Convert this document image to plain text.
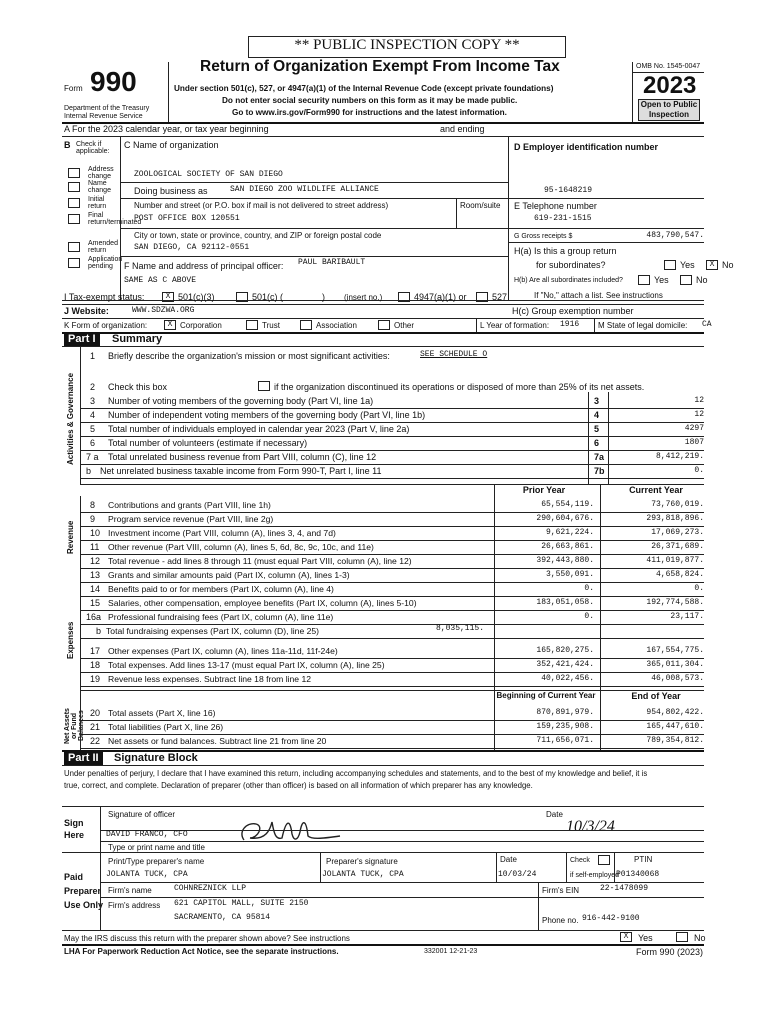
** PUBLIC INSPECTION COPY **
Form 990
Department of the Treasury
Internal Revenue Service
Return of Organization Exempt From Income Tax
Under section 501(c), 527, or 4947(a)(1) of the Internal Revenue Code (except private foundations)
Do not enter social security numbers on this form as it may be made public.
Go to www.irs.gov/Form990 for instructions and the latest information.
OMB No. 1545-0047
2023
Open to Public
Inspection
A For the 2023 calendar year, or tax year beginning	and ending
B Check if applicable:
Address change
Name change
Initial return
Final return/terminated
Amended return
Application pending
C Name of organization
ZOOLOGICAL SOCIETY OF SAN DIEGO
Doing business as	SAN DIEGO ZOO WILDLIFE ALLIANCE
Number and street (or P.O. box if mail is not delivered to street address)	Room/suite
POST OFFICE BOX 120551
City or town, state or province, country, and ZIP or foreign postal code
SAN DIEGO, CA 92112-0551
F Name and address of principal officer: PAUL BARIBAULT
SAME AS C ABOVE
D Employer identification number
95-1648219
E Telephone number
619-231-1515
G Gross receipts $	483,790,547.
H(a) Is this a group return
for subordinates?	Yes	X No
H(b) Are all subordinates included?	Yes	No
If "No," attach a list. See instructions
I Tax-exempt status:	X 501(c)(3)	501(c) (	) (insert no.)	4947(a)(1) or	527
J Website:	WWW.SDZWA.ORG	H(c) Group exemption number
K Form of organization:	X Corporation	Trust	Association	Other	L Year of formation: 1916 M State of legal domicile: CA
Part I	Summary
Activities & Governance
1 Briefly describe the organization's mission or most significant activities:	SEE SCHEDULE O
2 Check this box	if the organization discontinued its operations or disposed of more than 25% of its net assets.
3 Number of voting members of the governing body (Part VI, line 1a)	3	12
4 Number of independent voting members of the governing body (Part VI, line 1b)	4	12
5 Total number of individuals employed in calendar year 2023 (Part V, line 2a)	5	4297
6 Total number of volunteers (estimate if necessary)	6	1807
7 a Total unrelated business revenue from Part VIII, column (C), line 12	7a	8,412,219.
b Net unrelated business taxable income from Form 990-T, Part I, line 11	7b	0.
8 Contributions and grants (Part VIII, line 1h)	65,554,119.	73,760,019.
9 Program service revenue (Part VIII, line 2g)	290,604,676.	293,818,896.
10 Investment income (Part VIII, column (A), lines 3, 4, and 7d)	9,621,224.	17,069,273.
11 Other revenue (Part VIII, column (A), lines 5, 6d, 8c, 9c, 10c, and 11e)	26,663,861.	26,371,689.
12 Total revenue - add lines 8 through 11 (must equal Part VIII, column (A), line 12)	392,443,880.	411,019,877.
13 Grants and similar amounts paid (Part IX, column (A), lines 1-3)	3,550,091.	4,658,824.
14 Benefits paid to or for members (Part IX, column (A), line 4)	0.	0.
15 Salaries, other compensation, employee benefits (Part IX, column (A), lines 5-10)	183,051,058.	192,774,588.
16a Professional fundraising fees (Part IX, column (A), line 11e)	0.	23,117.
b Total fundraising expenses (Part IX, column (D), line 25)	8,035,115.
17 Other expenses (Part IX, column (A), lines 11a-11d, 11f-24e)	165,820,275.	167,554,775.
18 Total expenses. Add lines 13-17 (must equal Part IX, column (A), line 25)	352,421,424.	365,011,304.
19 Revenue less expenses. Subtract line 18 from line 12	40,022,456.	46,008,573.
20 Total assets (Part X, line 16)	870,891,979.	954,802,422.
21 Total liabilities (Part X, line 26)	159,235,908.	165,447,610.
22 Net assets or fund balances. Subtract line 21 from line 20	711,656,071.	789,354,812.
Prior Year	Current Year
Revenue
Expenses
Net Assets or Fund Balances
Beginning of Current Year	End of Year
Part II	Signature Block
Under penalties of perjury, I declare that I have examined this return, including accompanying schedules and statements, and to the best of my knowledge and belief, it is
true, correct, and complete. Declaration of preparer (other than officer) is based on all information of which preparer has any knowledge.
Sign
Here
Signature of officer	Date
10/3/24
DAVID FRANCO, CFO
Type or print name and title
Paid
Preparer
Use Only
Print/Type preparer's name
JOLANTA TUCK, CPA
Preparer's signature
JOLANTA TUCK, CPA
Date
10/03/24
Check
if self-employed
PTIN
P01340068
Firm's name	COHNREZNICK LLP	Firm's EIN	22-1478099
Firm's address 621 CAPITOL MALL, SUITE 2150
SACRAMENTO, CA 95814	Phone no. 916-442-9100
May the IRS discuss this return with the preparer shown above? See instructions	X	Yes	No
LHA For Paperwork Reduction Act Notice, see the separate instructions.	332001 12-21-23	Form 990 (2023)
